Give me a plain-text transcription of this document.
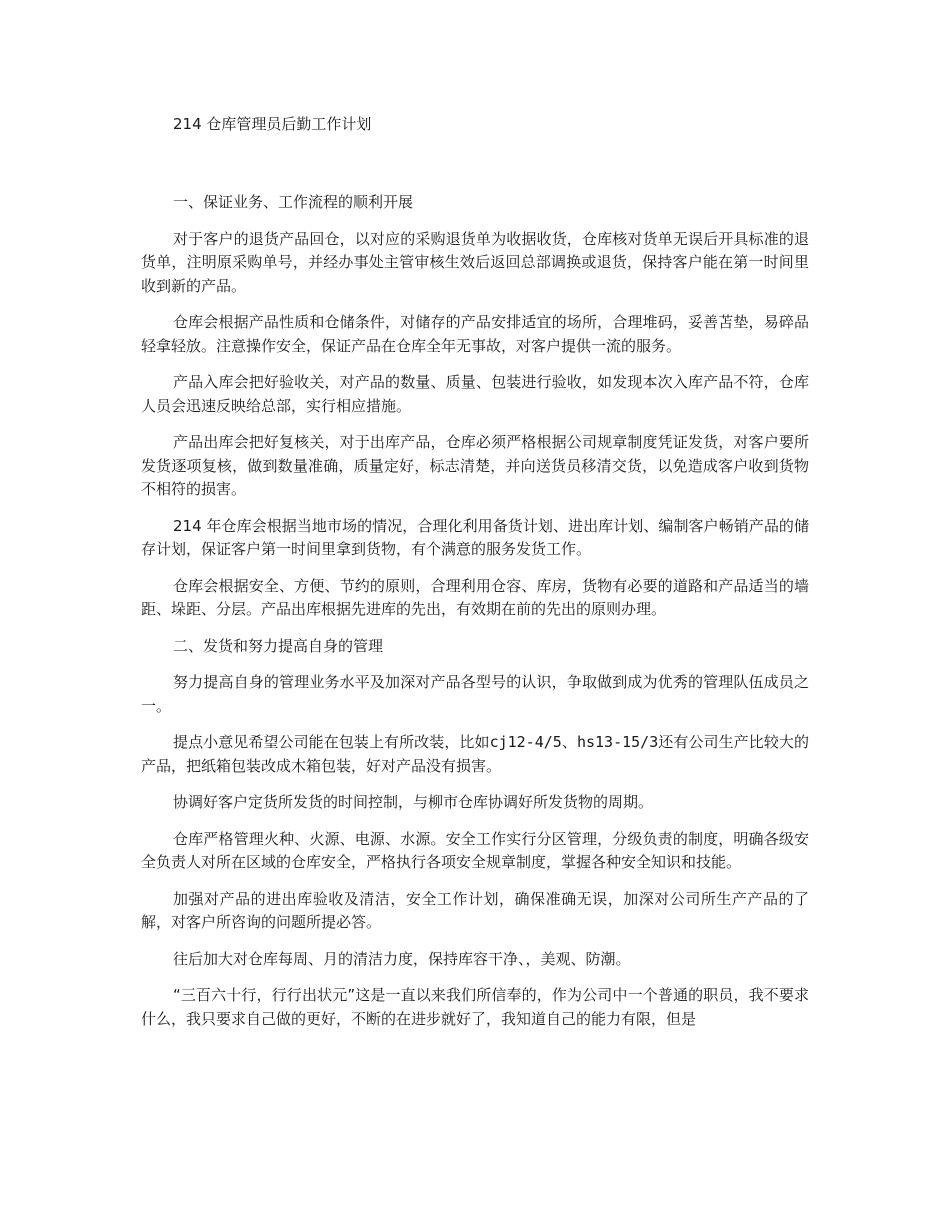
214 仓库管理员后勤工作计划

一、保证业务、工作流程的顺利开展

对于客户的退货产品回仓，以对应的采购退货单为收据收货，仓库核对货单无误后开具标准的退货单，注明原采购单号，并经办事处主管审核生效后返回总部调换或退货，保持客户能在第一时间里收到新的产品。

仓库会根据产品性质和仓储条件，对储存的产品安排适宜的场所，合理堆码，妥善苫垫，易碎品轻拿轻放。注意操作安全，保证产品在仓库全年无事故，对客户提供一流的服务。

产品入库会把好验收关，对产品的数量、质量、包装进行验收，如发现本次入库产品不符，仓库人员会迅速反映给总部，实行相应措施。

产品出库会把好复核关，对于出库产品，仓库必须严格根据公司规章制度凭证发货，对客户要所发货逐项复核，做到数量准确，质量定好，标志清楚，并向送货员移清交货，以免造成客户收到货物不相符的损害。

214 年仓库会根据当地市场的情况，合理化利用备货计划、进出库计划、编制客户畅销产品的储存计划，保证客户第一时间里拿到货物，有个满意的服务发货工作。

仓库会根据安全、方便、节约的原则，合理利用仓容、库房，货物有必要的道路和产品适当的墙距、垛距、分层。产品出库根据先进库的先出，有效期在前的先出的原则办理。

二、发货和努力提高自身的管理

努力提高自身的管理业务水平及加深对产品各型号的认识，争取做到成为优秀的管理队伍成员之一。

提点小意见希望公司能在包装上有所改装，比如cj12-4/5、hs13-15/3还有公司生产比较大的产品，把纸箱包装改成木箱包装，好对产品没有损害。

协调好客户定货所发货的时间控制，与柳市仓库协调好所发货物的周期。

仓库严格管理火种、火源、电源、水源。安全工作实行分区管理，分级负责的制度，明确各级安全负责人对所在区域的仓库安全，严格执行各项安全规章制度，掌握各种安全知识和技能。

加强对产品的进出库验收及清洁，安全工作计划，确保准确无误，加深对公司所生产产品的了解，对客户所咨询的问题所提必答。

往后加大对仓库每周、月的清洁力度，保持库容干净、，美观、防潮。

“三百六十行，行行出状元”这是一直以来我们所信奉的，作为公司中一个普通的职员，我不要求什么，我只要求自己做的更好，不断的在进步就好了，我知道自己的能力有限，但是
